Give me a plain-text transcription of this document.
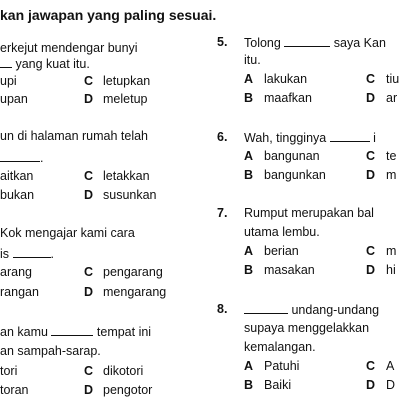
kan jawapan yang paling sesuai.
erkejut mendengar bunyi
yang kuat itu.
upi	C letupkan
upan	D meletup
un di halaman rumah telah
.
aitkan	C letakkan
bukan	D susunkan
Kok mengajar kami cara
is	.
arang	C pengarang
rangan	D mengarang
an kamu	tempat ini
an sampah-sarap.
tori	C dikotori
toran	D pengotor
5. Tolong	saya Kan
itu.
A lakukan	C tiu
B maafkan	D ar
6. Wah, tingginya	i
A bangunan	C te
B bangunkan	D m
7. Rumput merupakan bal
utama lembu.
A berian	C m
B masakan	D hi
8.	undang-undang
supaya menggelakkan
kemalangan.
A Patuhi	C A
B Baiki	D D
